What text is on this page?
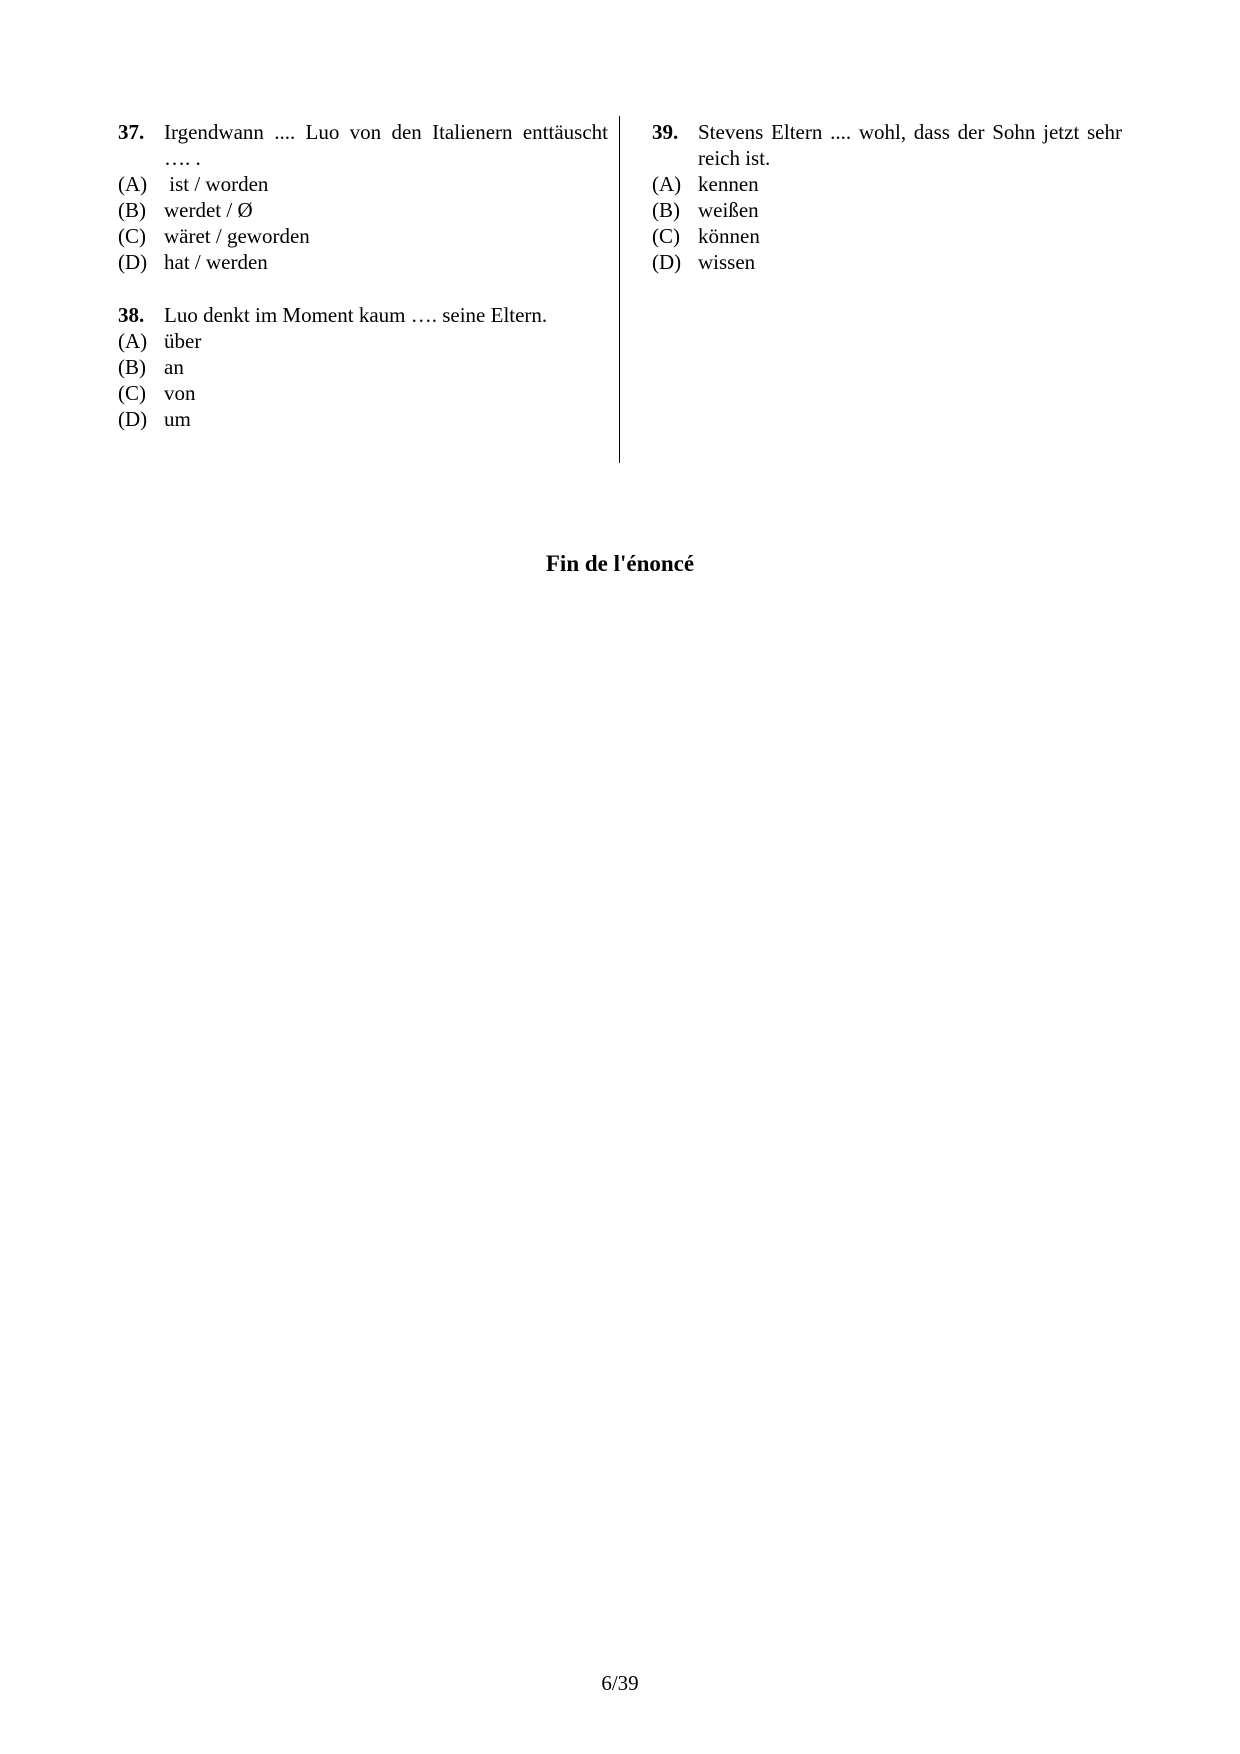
37. Irgendwann .... Luo von den Italienern enttäuscht …. .
(A) ist / worden
(B) werdet / Ø
(C) wäret / geworden
(D) hat / werden
38. Luo denkt im Moment kaum …. seine Eltern.
(A) über
(B) an
(C) von
(D) um
39. Stevens Eltern .... wohl, dass der Sohn jetzt sehr reich ist.
(A) kennen
(B) weißen
(C) können
(D) wissen
Fin de l'énoncé
6/39
